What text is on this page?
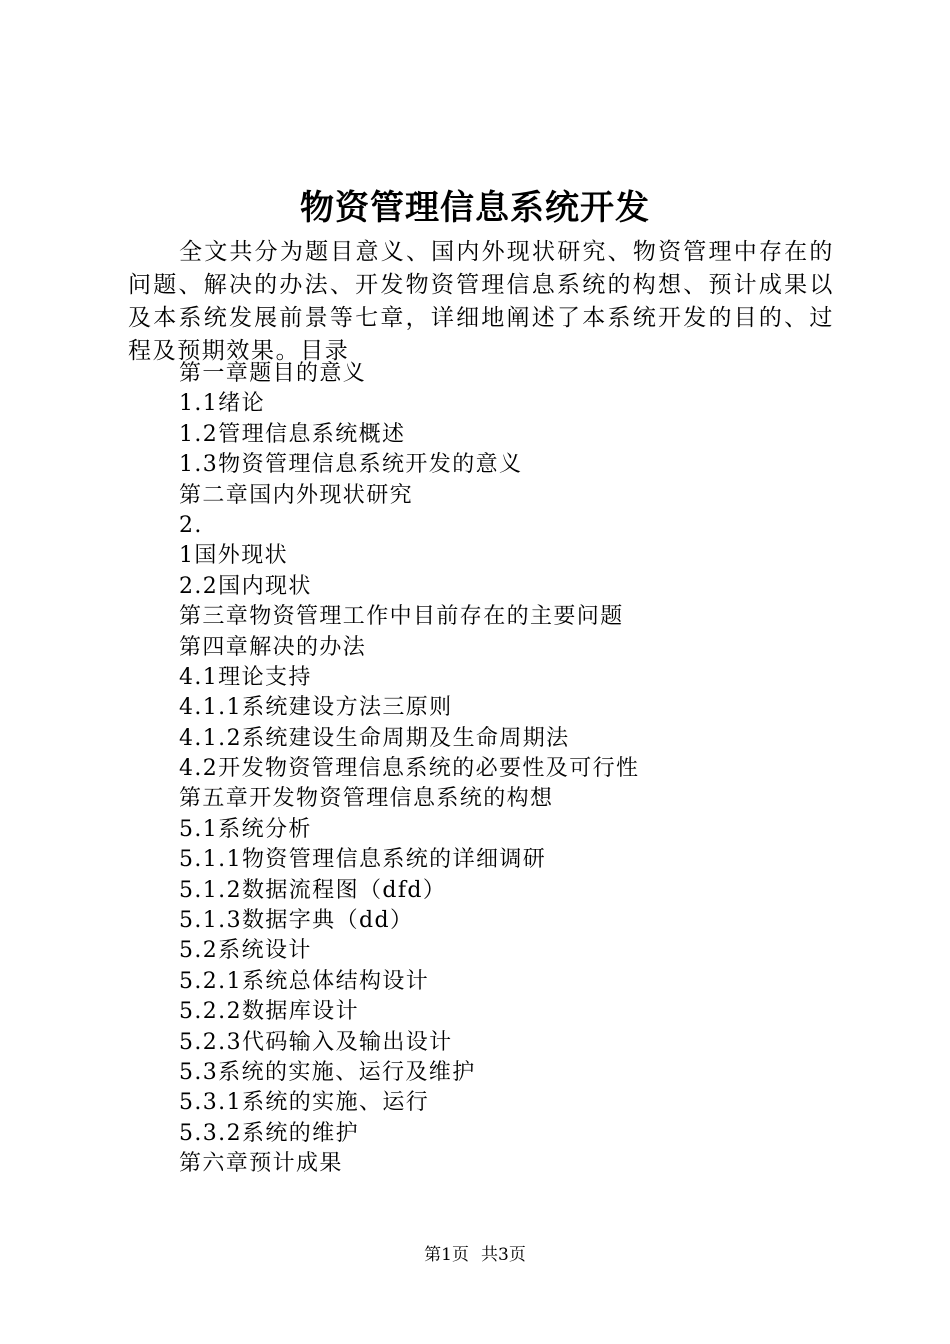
物资管理信息系统开发

全文共分为题目意义、国内外现状研究、物资管理中存在的问题、解决的办法、开发物资管理信息系统的构想、预计成果以及本系统发展前景等七章，详细地阐述了本系统开发的目的、过程及预期效果。目录

第一章题目的意义
1.1绪论
1.2管理信息系统概述
1.3物资管理信息系统开发的意义
第二章国内外现状研究
2.
1国外现状
2.2国内现状
第三章物资管理工作中目前存在的主要问题
第四章解决的办法
4.1理论支持
4.1.1系统建设方法三原则
4.1.2系统建设生命周期及生命周期法
4.2开发物资管理信息系统的必要性及可行性
第五章开发物资管理信息系统的构想
5.1系统分析
5.1.1物资管理信息系统的详细调研
5.1.2数据流程图（dfd）
5.1.3数据字典（dd）
5.2系统设计
5.2.1系统总体结构设计
5.2.2数据库设计
5.2.3代码输入及输出设计
5.3系统的实施、运行及维护
5.3.1系统的实施、运行
5.3.2系统的维护
第六章预计成果
第1页 共3页
